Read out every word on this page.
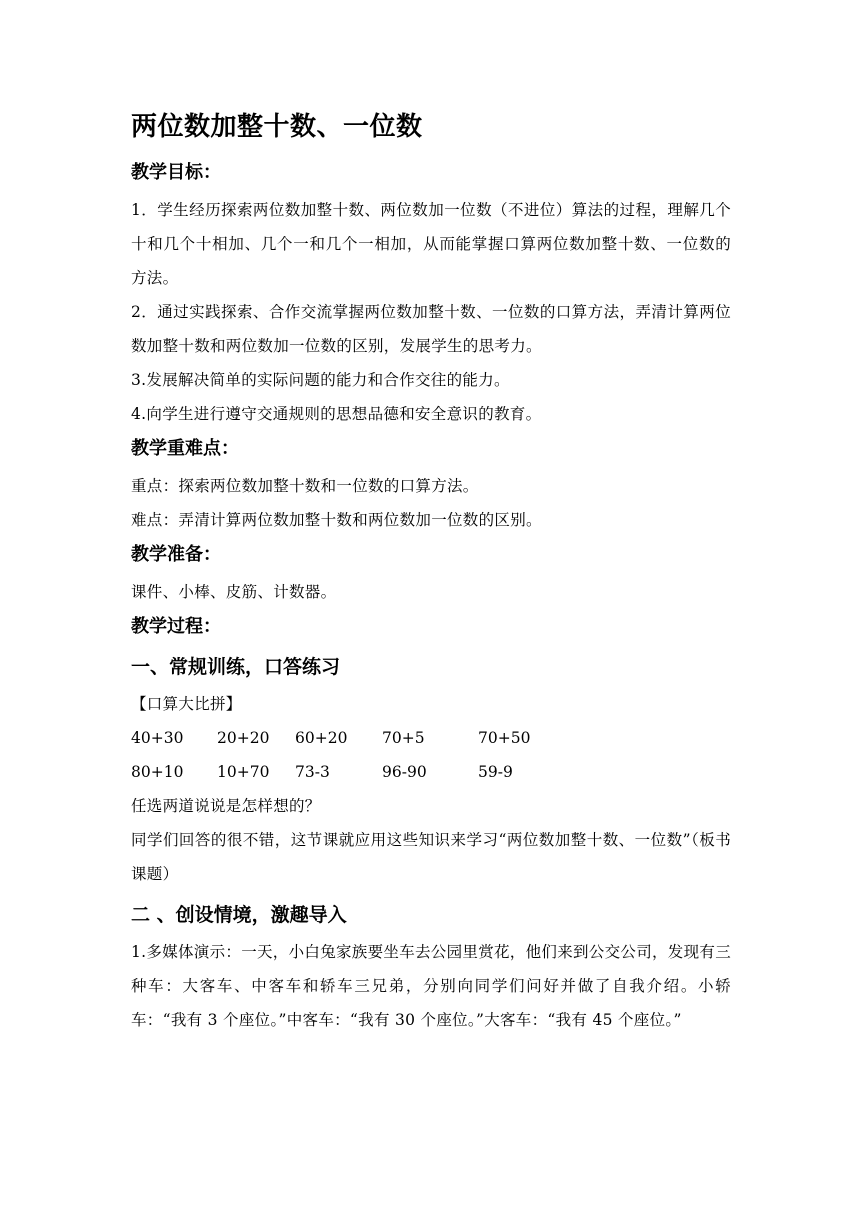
两位数加整十数、一位数
教学目标：

1．学生经历探索两位数加整十数、两位数加一位数（不进位）算法的过程，理解几个十和几个十相加、几个一和几个一相加，从而能掌握口算两位数加整十数、一位数的方法。

2．通过实践探索、合作交流掌握两位数加整十数、一位数的口算方法，弄清计算两位数加整十数和两位数加一位数的区别，发展学生的思考力。

3.发展解决简单的实际问题的能力和合作交往的能力。

4.向学生进行遵守交通规则的思想品德和安全意识的教育。

教学重难点：

重点：探索两位数加整十数和一位数的口算方法。

难点：弄清计算两位数加整十数和两位数加一位数的区别。

教学准备：

课件、小棒、皮筋、计数器。

教学过程：
一、常规训练，口答练习

【口算大比拼】

40+30	20+20	60+20	70+5	70+50
80+10	10+70	73-3	96-90	59-9

任选两道说说是怎样想的？

同学们回答的很不错，这节课就应用这些知识来学习“两位数加整十数、一位数”（板书课题）

二 、创设情境，激趣导入

1.多媒体演示：一天，小白兔家族要坐车去公园里赏花，他们来到公交公司，发现有三种车：大客车、中客车和轿车三兄弟，分别向同学们问好并做了自我介绍。小轿车：“我有 3 个座位。”中客车：“我有 30 个座位。”大客车：“我有 45 个座位。”
